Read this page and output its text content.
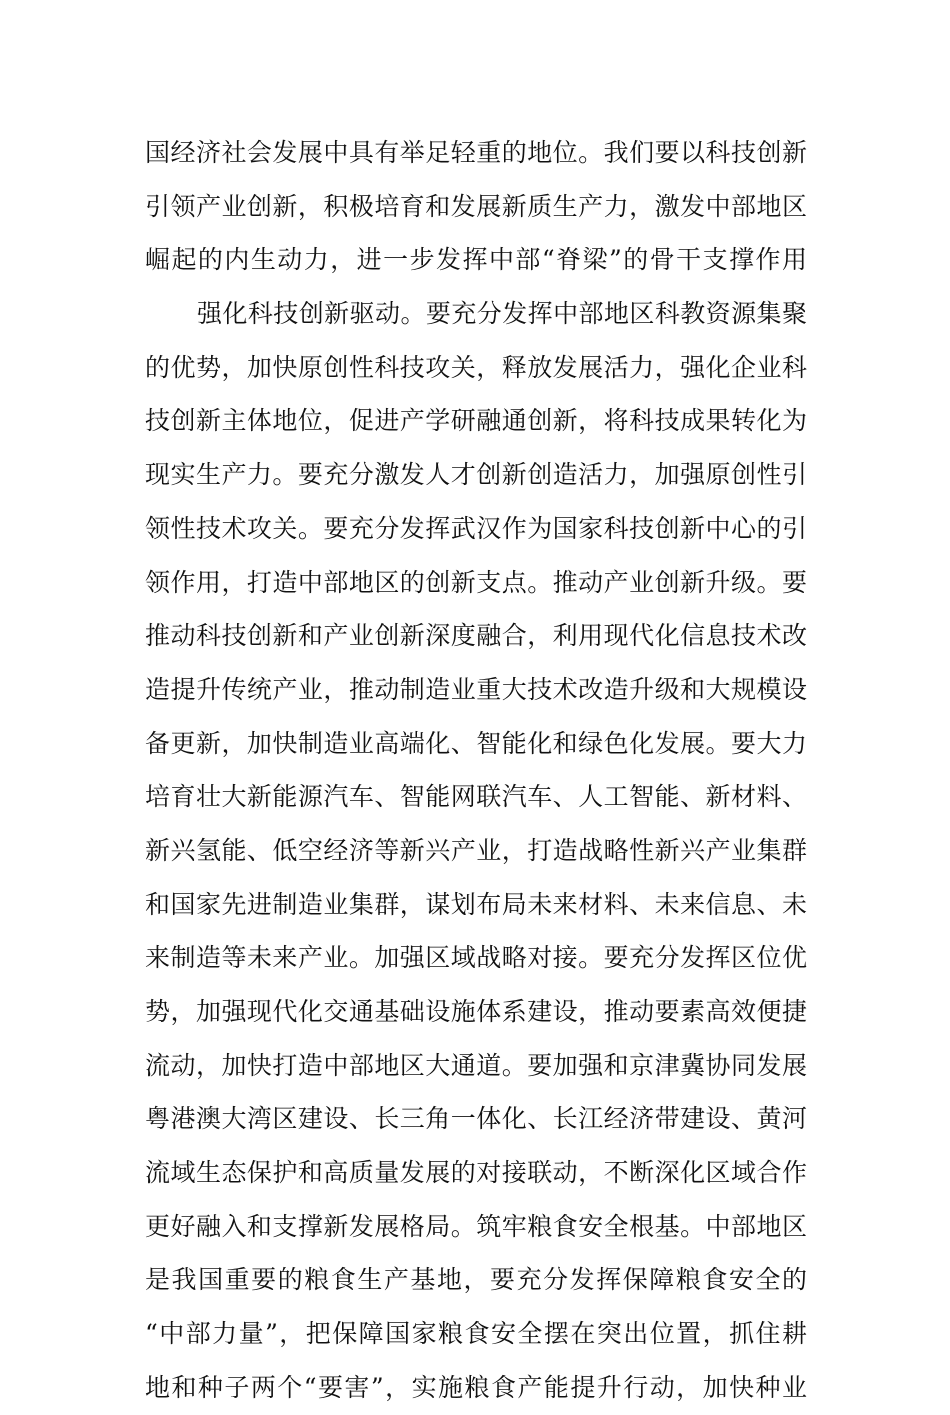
国经济社会发展中具有举足轻重的地位。我们要以科技创新
引领产业创新，积极培育和发展新质生产力，激发中部地区
崛起的内生动力，进一步发挥中部“脊梁”的骨干支撑作用
强化科技创新驱动。要充分发挥中部地区科教资源集聚
的优势，加快原创性科技攻关，释放发展活力，强化企业科
技创新主体地位，促进产学研融通创新，将科技成果转化为
现实生产力。要充分激发人才创新创造活力，加强原创性引
领性技术攻关。要充分发挥武汉作为国家科技创新中心的引
领作用，打造中部地区的创新支点。推动产业创新升级。要
推动科技创新和产业创新深度融合，利用现代化信息技术改
造提升传统产业，推动制造业重大技术改造升级和大规模设
备更新，加快制造业高端化、智能化和绿色化发展。要大力
培育壮大新能源汽车、智能网联汽车、人工智能、新材料、
新兴氢能、低空经济等新兴产业，打造战略性新兴产业集群
和国家先进制造业集群，谋划布局未来材料、未来信息、未
来制造等未来产业。加强区域战略对接。要充分发挥区位优
势，加强现代化交通基础设施体系建设，推动要素高效便捷
流动，加快打造中部地区大通道。要加强和京津冀协同发展
粤港澳大湾区建设、长三角一体化、长江经济带建设、黄河
流域生态保护和高质量发展的对接联动，不断深化区域合作
更好融入和支撑新发展格局。筑牢粮食安全根基。中部地区
是我国重要的粮食生产基地，要充分发挥保障粮食安全的
“中部力量”，把保障国家粮食安全摆在突出位置，抓住耕
地和种子两个“要害”，实施粮食产能提升行动，加快种业
